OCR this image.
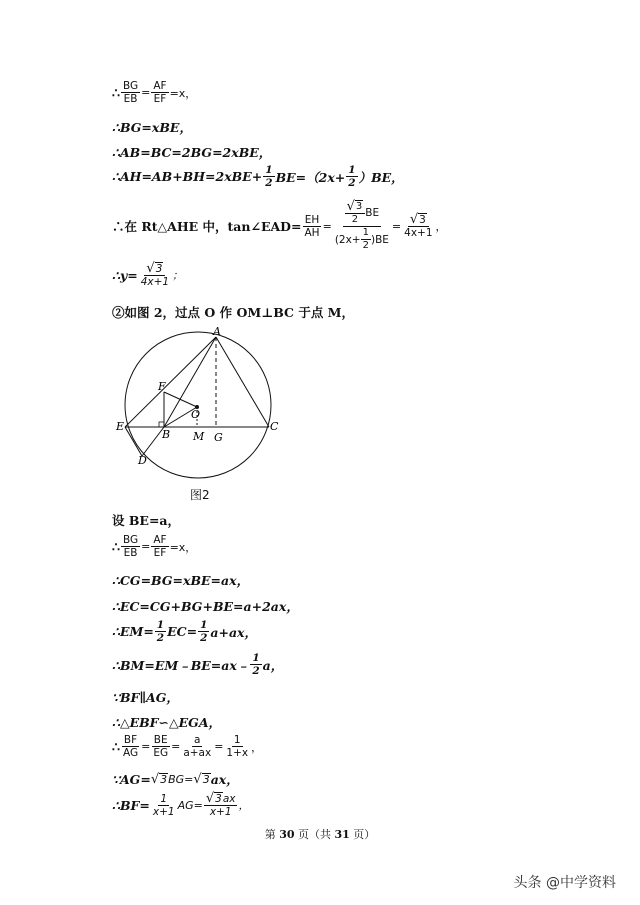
∴ $\frac{BG}{EB} = \frac{AF}{EF} =x$，
∴BG=xBE，
∴AB=BC=2BG=2xBE，
∴AH=AB+BH=2xBE+ $\frac{1}{2} BE=(2x+ \frac{1}{2} )BE$，
∴在 Rt△AHE 中，tan∠EAD= $\frac{EH}{AH}$ = √ 3
2
BE
$(2x+ \frac{1}{2} )BE = \frac{√ 3}{4x+1}$ ，
∴y= $\frac{√ 3}{4x+1}$ ；
②如图 2，过点 O 作 OM⊥BC 于点 M，
A
F
O
E
B M G
C
D
图2
设 BE=a，
∴ $\frac{BG}{EB} = \frac{AF}{EF} =x$，
∴CG=BG=xBE=ax，
∴EC=CG+BG+BE=a+2ax，
∴EM= $\frac{1}{2} EC= \frac{1}{2} a+ax$，
∴BM=EM﹣BE=ax﹣ 1
2 a，
∵BF∥AG，
∴△EBF∽△EGA，
∴ $\frac{BF}{AG} = \frac{BE}{EG} = \frac{a}{a+ax} = \frac{1}{1+x}$ ，
∵AG= √ 3 BG= √ 3 ax，
∴BF= $\frac{1}{x+1} AG= \frac{√ 3 ax}{x+1}$ ，
第 30 页（共 31 页）
头条 @中学资料
